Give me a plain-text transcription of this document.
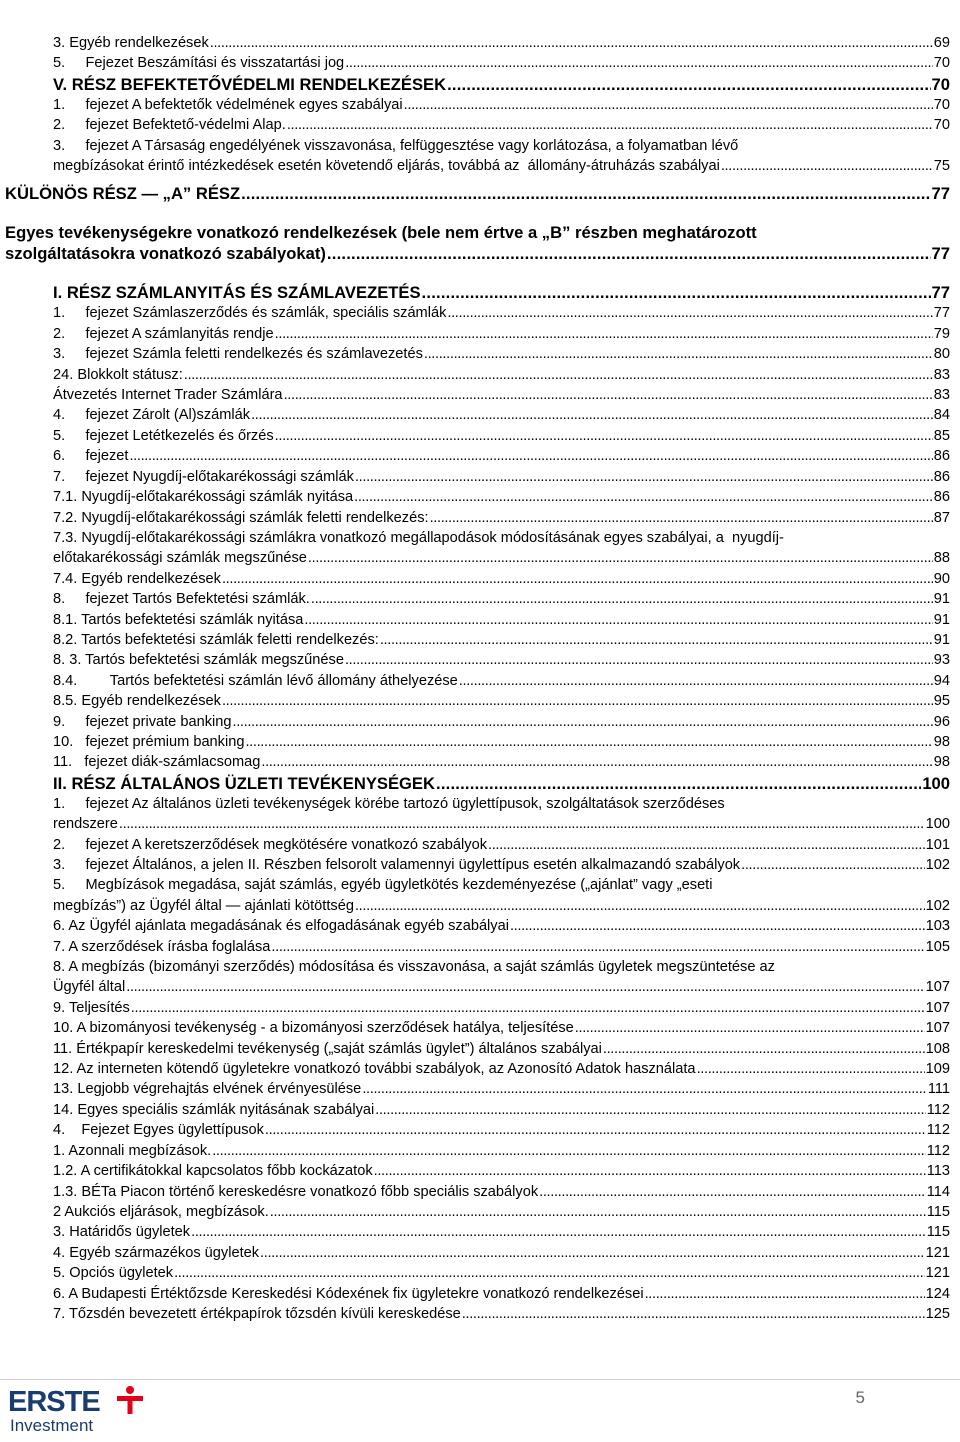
3. Egyéb rendelkezések . . .	69
5.     Fejezet Beszámítási és visszatartási jog . . .	70
V. RÉSZ BEFEKTETŐVÉDELMI RENDELKEZÉSEK . . .	70
1.     fejezet A befektetők védelmének egyes szabályai . . .	70
2.     fejezet Befektető-védelmi Alap. . . .	70
3.     fejezet A Társaság engedélyének visszavonása, felfüggesztése vagy korlátozása, a folyamatban lévő
megbízásokat érintő intézkedések esetén követendő eljárás, továbbá az  állomány-átruházás szabályai . . .	75
KÜLÖNÖS RÉSZ — „A” RÉSZ . . .	77
Egyes tevékenységekre vonatkozó rendelkezések (bele nem értve a „B” részben meghatározott
szolgáltatásokra vonatkozó szabályokat) . . .	77
I. RÉSZ SZÁMLANYITÁS ÉS SZÁMLAVEZETÉS . . .	77
1.     fejezet Számlaszerződés és számlák, speciális számlák . . .	77
2.     fejezet A számlanyitás rendje . . .	79
3.     fejezet Számla feletti rendelkezés és számlavezetés . . .	80
24. Blokkolt státusz: . . .	83
Átvezetés Internet Trader Számlára . . .	83
4.     fejezet Zárolt (Al)számlák . . .	84
5.     fejezet Letétkezelés és őrzés . . .	85
6.     fejezet . . .	86
7.     fejezet Nyugdíj-előtakarékossági számlák . . .	86
7.1. Nyugdíj-előtakarékossági számlák nyitása . . .	86
7.2. Nyugdíj-előtakarékossági számlák feletti rendelkezés: . . .	87
7.3. Nyugdíj-előtakarékossági számlákra vonatkozó megállapodások módosításának egyes szabályai, a  nyugdíj-
előtakarékossági számlák megszűnése . . .	88
7.4. Egyéb rendelkezések . . .	90
8.     fejezet Tartós Befektetési számlák. . . .	91
8.1. Tartós befektetési számlák nyitása . . .	91
8.2. Tartós befektetési számlák feletti rendelkezés: . . .	91
8. 3. Tartós befektetési számlák megszűnése . . .	93
8.4.        Tartós befektetési számlán lévő állomány áthelyezése . . .	94
8.5. Egyéb rendelkezések . . .	95
9.     fejezet private banking . . .	96
10.   fejezet prémium banking . . .	98
11.   fejezet diák-számlacsomag . . .	98
II. RÉSZ ÁLTALÁNOS ÜZLETI TEVÉKENYSÉGEK . . .	100
1.     fejezet Az általános üzleti tevékenységek körébe tartozó ügylettípusok, szolgáltatások szerződéses
rendszere . . .	100
2.     fejezet A keretszerződések megkötésére vonatkozó szabályok . . .	101
3.     fejezet Általános, a jelen II. Részben felsorolt valamennyi ügylettípus esetén alkalmazandó szabályok . . .	102
5.     Megbízások megadása, saját számlás, egyéb ügyletkötés kezdeményezése („ajánlat” vagy „eseti
megbízás”) az Ügyfél által — ajánlati kötöttség . . .	102
6. Az Ügyfél ajánlata megadásának és elfogadásának egyéb szabályai . . .	103
7. A szerződések írásba foglalása . . .	105
8. A megbízás (bizományi szerződés) módosítása és visszavonása, a saját számlás ügyletek megszüntetése az
Ügyfél által . . .	107
9. Teljesítés . . .	107
10. A bizományosi tevékenység - a bizományosi szerződések hatálya, teljesítése . . .	107
11. Értékpapír kereskedelmi tevékenység („saját számlás ügylet”) általános szabályai . . .	108
12. Az interneten kötendő ügyletekre vonatkozó további szabályok, az Azonosító Adatok használata . . .	109
13. Legjobb végrehajtás elvének érvényesülése . . .	111
14. Egyes speciális számlák nyitásának szabályai . . .	112
4.    Fejezet Egyes ügylettípusok . . .	112
1. Azonnali megbízások. . . .	112
1.2. A certifikátokkal kapcsolatos főbb kockázatok . . .	113
1.3. BÉTa Piacon történő kereskedésre vonatkozó főbb speciális szabályok . . .	114
2 Aukciós eljárások, megbízások. . . .	115
3. Határidős ügyletek . . .	115
4. Egyéb származékos ügyletek . . .	121
5. Opciós ügyletek . . .	121
6. A Budapesti Értéktőzsde Kereskedési Kódexének fix ügyletekre vonatkozó rendelkezései . . .	124
7. Tőzsdén bevezetett értékpapírok tőzsdén kívüli kereskedése . . .	125
ERSTE
Investment
5
